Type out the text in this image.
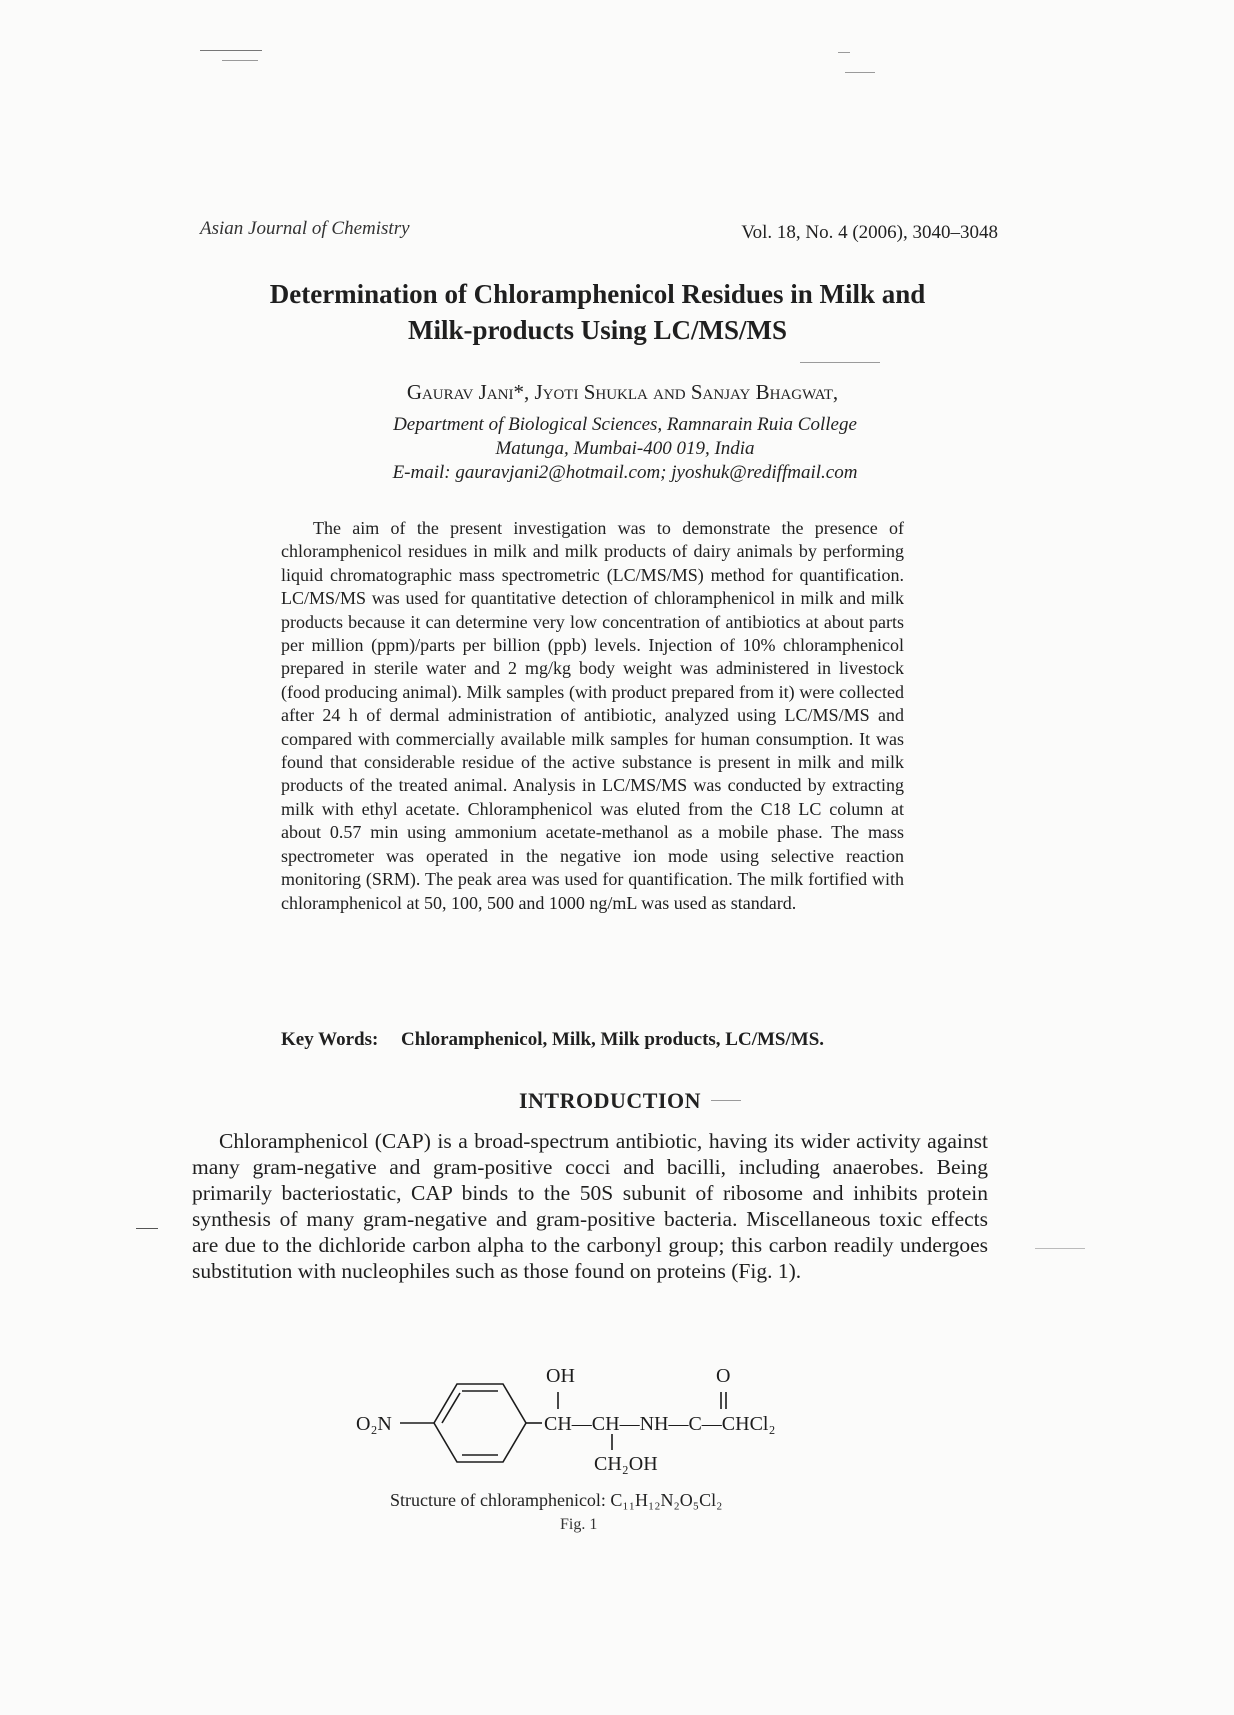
Asian Journal of Chemistry	Vol. 18, No. 4 (2006), 3040–3048
Determination of Chloramphenicol Residues in Milk and
Milk-products Using LC/MS/MS
Gaurav Jani*, Jyoti Shukla and Sanjay Bhagwat,
Department of Biological Sciences, Ramnarain Ruia College
Matunga, Mumbai-400 019, India
E-mail: gauravjani2@hotmail.com; jyoshuk@rediffmail.com
The aim of the present investigation was to demonstrate the presence of chloramphenicol residues in milk and milk products of dairy animals by performing liquid chromatographic mass spectrometric (LC/MS/MS) method for quantification. LC/MS/MS was used for quantitative detection of chloramphenicol in milk and milk products because it can determine very low concentration of antibiotics at about parts per million (ppm)/parts per billion (ppb) levels. Injection of 10% chloramphenicol prepared in sterile water and 2 mg/kg body weight was administered in livestock (food producing animal). Milk samples (with product prepared from it) were collected after 24 h of dermal administration of antibiotic, analyzed using LC/MS/MS and compared with commercially available milk samples for human consumption. It was found that considerable residue of the active substance is present in milk and milk products of the treated animal. Analysis in LC/MS/MS was conducted by extracting milk with ethyl acetate. Chloramphenicol was eluted from the C18 LC column at about 0.57 min using ammonium acetate-methanol as a mobile phase. The mass spectrometer was operated in the negative ion mode using selective reaction monitoring (SRM). The peak area was used for quantification. The milk fortified with chloramphenicol at 50, 100, 500 and 1000 ng/mL was used as standard.
Key Words: Chloramphenicol, Milk, Milk products, LC/MS/MS.
INTRODUCTION
Chloramphenicol (CAP) is a broad-spectrum antibiotic, having its wider activity against many gram-negative and gram-positive cocci and bacilli, including anaerobes. Being primarily bacteriostatic, CAP binds to the 50S subunit of ribosome and inhibits protein synthesis of many gram-negative and gram-positive bacteria. Miscellaneous toxic effects are due to the dichloride carbon alpha to the carbonyl group; this carbon readily undergoes substitution with nucleophiles such as those found on proteins (Fig. 1).
O₂N
OH	O
CH—CH—NH—C—CHCl₂
CH₂OH
Structure of chloramphenicol: C₁₁H₁₂N₂O₅Cl₂
Fig. 1
